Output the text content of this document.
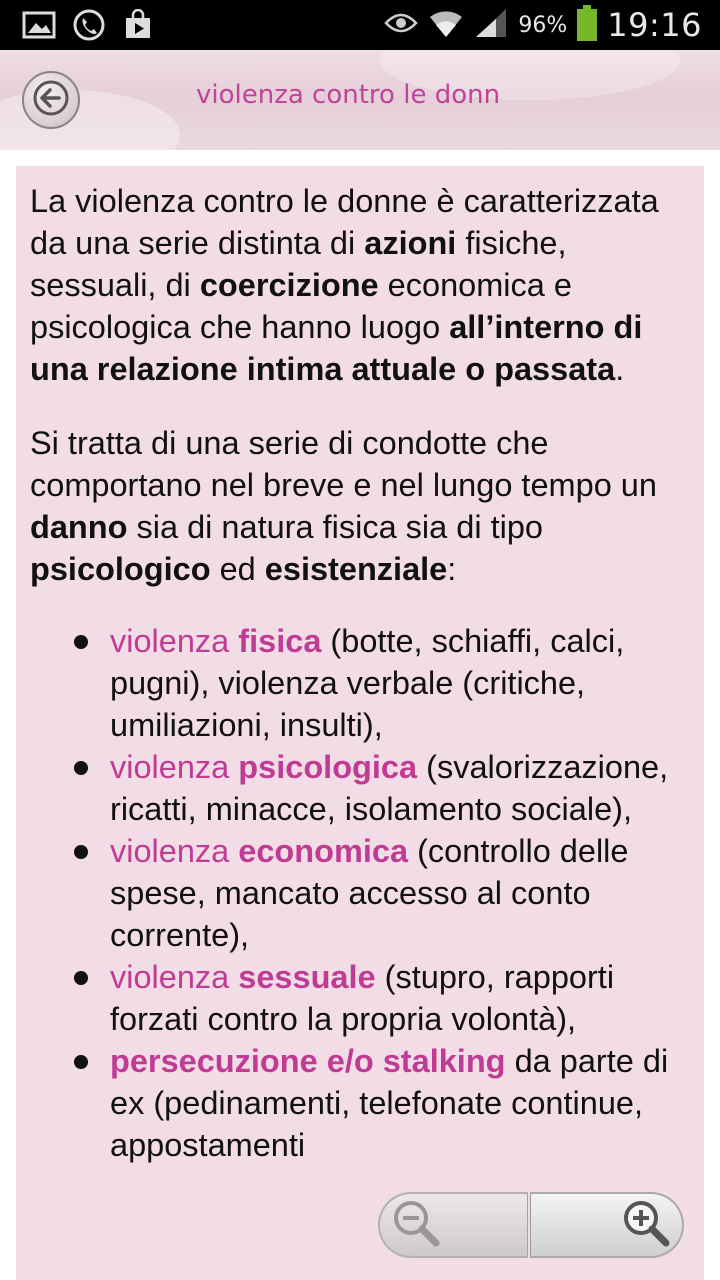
96% 19:16
violenza contro le donn

La violenza contro le donne è caratterizzata da una serie distinta di azioni fisiche, sessuali, di coercizione economica e psicologica che hanno luogo all’interno di una relazione intima attuale o passata.

Si tratta di una serie di condotte che comportano nel breve e nel lungo tempo un danno sia di natura fisica sia di tipo psicologico ed esistenziale:

violenza fisica (botte, schiaffi, calci, pugni), violenza verbale (critiche, umiliazioni, insulti),
violenza psicologica (svalorizzazione, ricatti, minacce, isolamento sociale),
violenza economica (controllo delle spese, mancato accesso al conto corrente),
violenza sessuale (stupro, rapporti forzati contro la propria volontà),
persecuzione e/o stalking da parte di ex (pedinamenti, telefonate continue, appostamenti
